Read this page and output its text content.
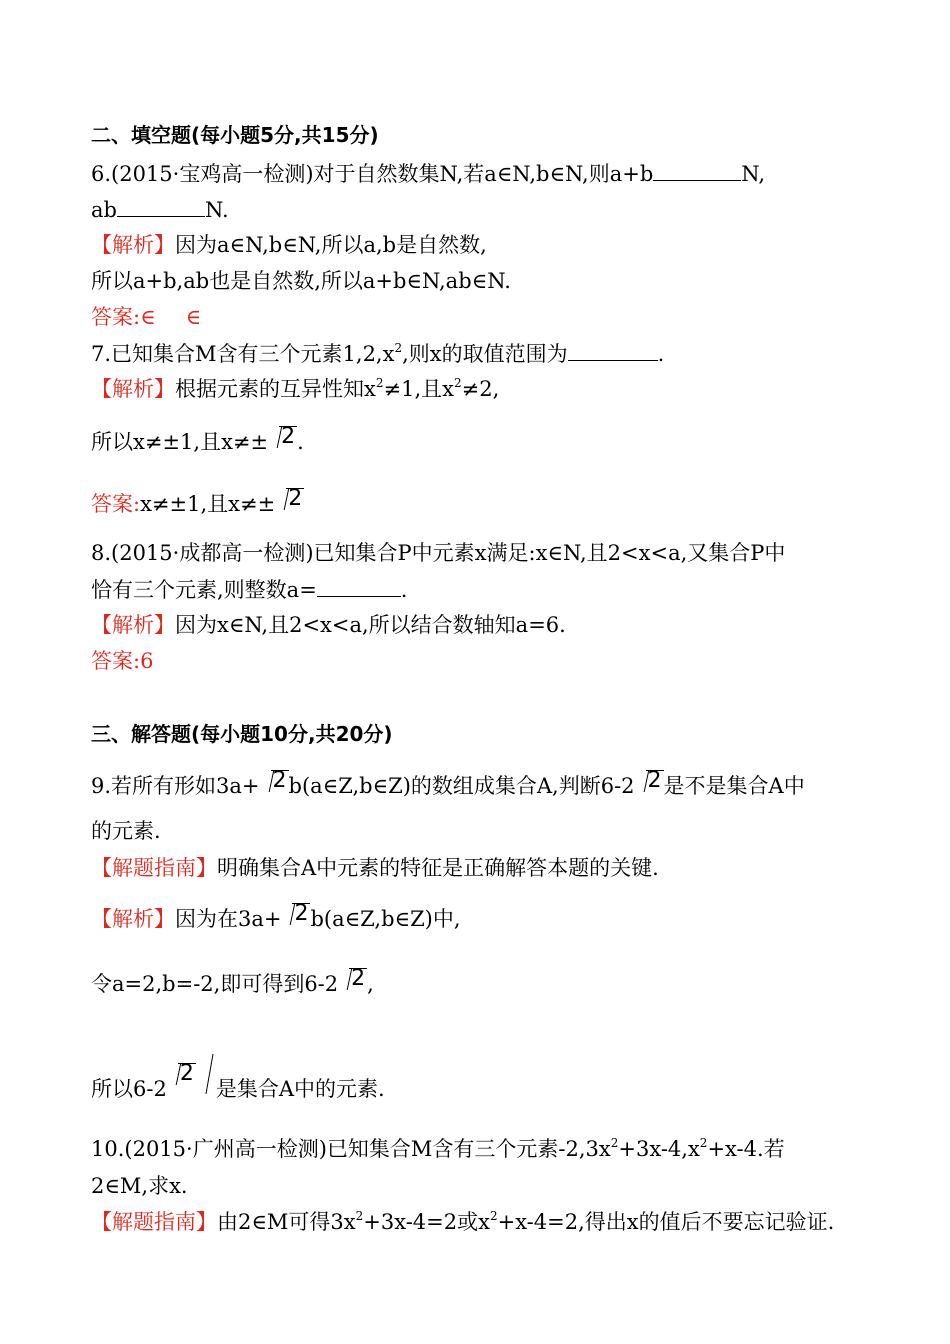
二、填空题(每小题5分,共15分)
6.(2015·宝鸡高一检测)对于自然数集N,若a∈N,b∈N,则a+b	N,
ab	N.
【解析】因为a∈N,b∈N,所以a,b是自然数,
所以a+b,ab也是自然数,所以a+b∈N,ab∈N.
答案:∈ ∈
7.已知集合M含有三个元素$1,2,x^2$,则x的取值范围为	.
【解析】根据元素的互异性知$x^2\ne 1$,且$x^2\ne 2$,
所以x≠±1,且x≠± 2.
答案:x≠±1,且x≠± 2
8.(2015·成都高一检测)已知集合P中元素x满足:x∈N,且2<x<a,又集合P中
恰有三个元素,则整数a=	.
【解析】因为x∈N,且2<x<a,所以结合数轴知a=6.
答案:6
三、解答题(每小题10分,共20分)
9.若所有形如3a+ 2b(a∈Z,b∈Z)的数组成集合A,判断6-2 2是不是集合A中
的元素.
【解题指南】明确集合A中元素的特征是正确解答本题的关键.
【解析】因为在3a+ 2b(a∈Z,b∈Z)中,
令a=2,b=-2,即可得到6-2 2,
所以6-22是集合A中的元素.
10.(2015·广州高一检测)已知集合M含有三个元素$-2,3x^2+3x-4,x^2+x-4$.若
2∈M,求x.
【解题指南】由2∈M可得$3x^2+3x-4=2$或$x^2+x-4=2$,得出x的值后不要忘记验证.
